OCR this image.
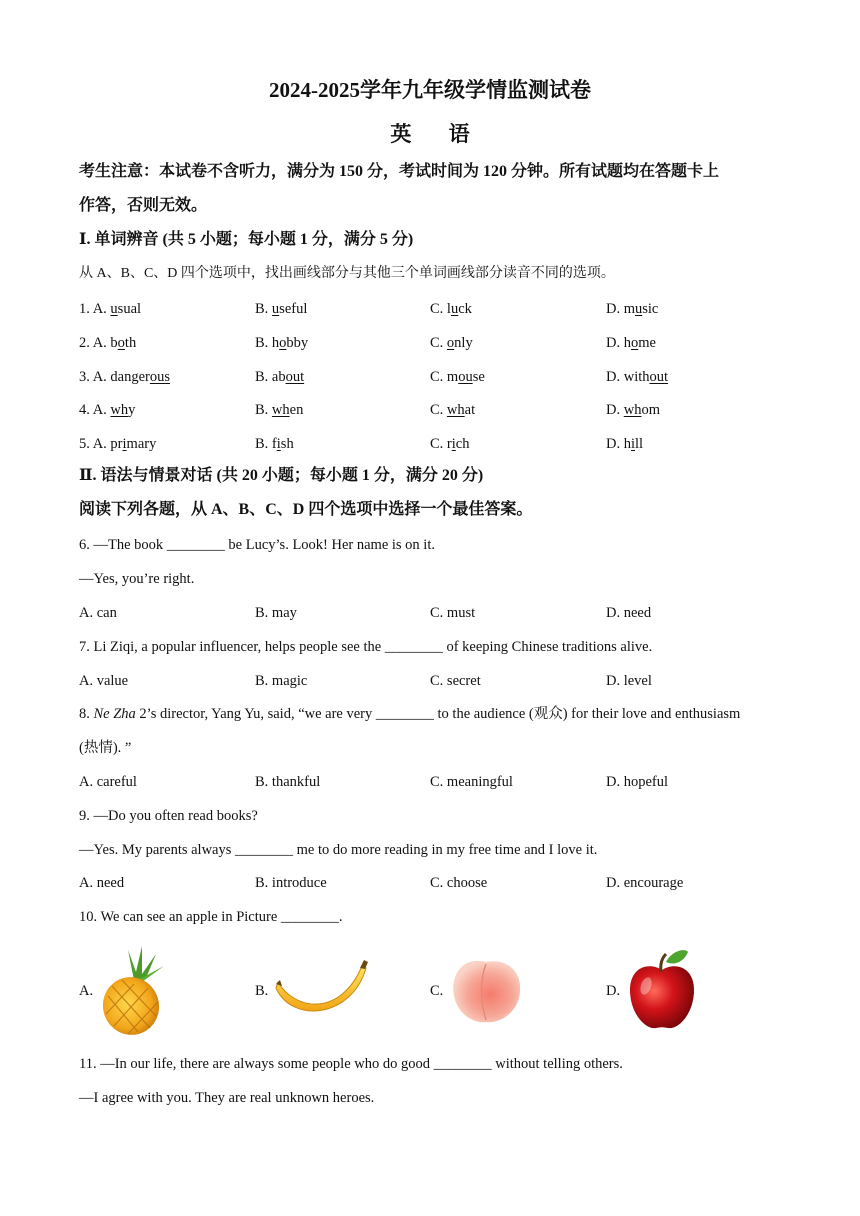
2024-2025学年九年级学情监测试卷
英 语
考生注意：本试卷不含听力，满分为 150 分，考试时间为 120 分钟。所有试题均在答题卡上
作答，否则无效。
Ⅰ. 单词辨音 (共 5 小题；每小题 1 分，满分 5 分)
从 A、B、C、D 四个选项中，找出画线部分与其他三个单词画线部分读音不同的选项。
1. A. usual	B. useful	C. luck	D. music
2. A. both	B. hobby	C. only	D. home
3. A. dangerous	B. about	C. mouse	D. without
4. A. why	B. when	C. what	D. whom
5. A. primary	B. fish	C. rich	D. hill
Ⅱ. 语法与情景对话 (共 20 小题；每小题 1 分，满分 20 分)
阅读下列各题，从 A、B、C、D 四个选项中选择一个最佳答案。
6. —The book ________ be Lucy’s. Look! Her name is on it.
—Yes, you’re right.
A. can	B. may	C. must	D. need
7. Li Ziqi, a popular influencer, helps people see the ________ of keeping Chinese traditions alive.
A. value	B. magic	C. secret	D. level
8. Ne Zha 2’s director, Yang Yu, said, “we are very ________ to the audience (观众) for their love and enthusiasm
(热情). ”
A. careful	B. thankful	C. meaningful	D. hopeful
9. —Do you often read books?
—Yes. My parents always ________ me to do more reading in my free time and I love it.
A. need	B. introduce	C. choose	D. encourage
10. We can see an apple in Picture ________.
A.	B.	C.	D.
11. —In our life, there are always some people who do good ________ without telling others.
—I agree with you. They are real unknown heroes.
